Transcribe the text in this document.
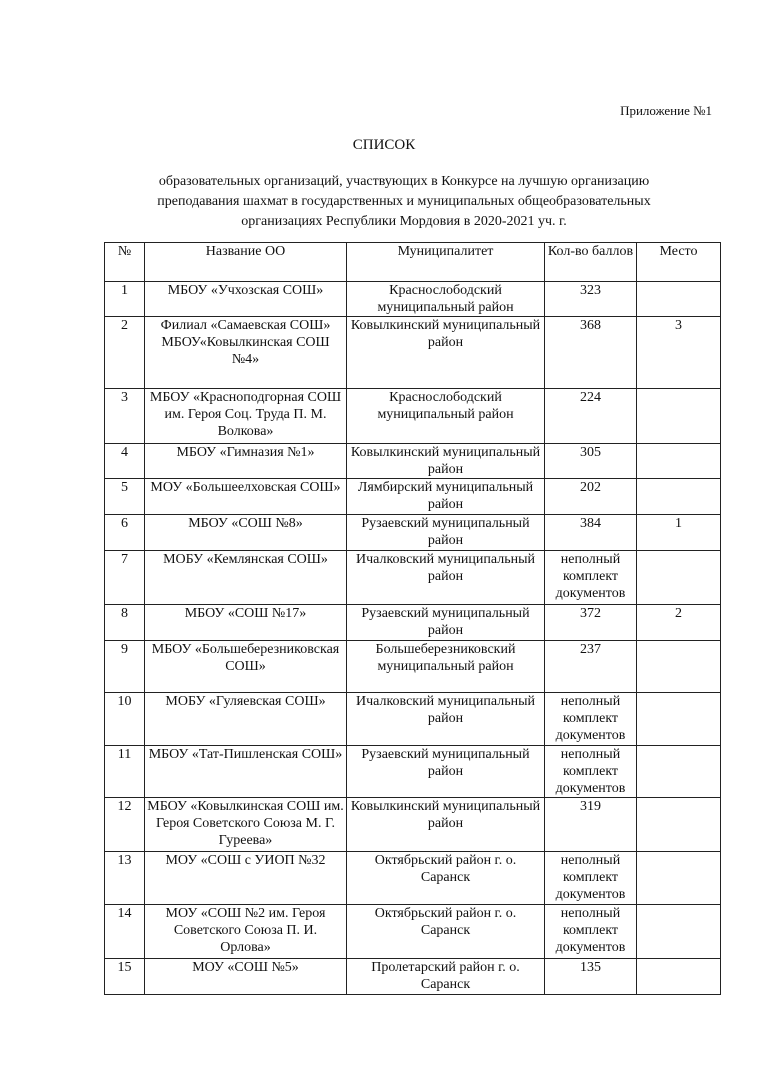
Приложение №1
СПИСОК
образовательных организаций, участвующих в Конкурсе на лучшую организацию преподавания шахмат в государственных и муниципальных общеобразовательных организациях Республики Мордовия в 2020-2021 уч. г.
№	Название ОО	Муниципалитет	Кол-во баллов	Место
1	МБОУ «Учхозская СОШ»	Краснослободский муниципальный район	323	
2	Филиал «Самаевская СОШ» МБОУ«Ковылкинская СОШ №4»	Ковылкинский муниципальный район	368	3
3	МБОУ «Краснoподгорная СОШ им. Героя Соц. Труда П. М. Волкова»	Краснослободский муниципальный район	224	
4	МБОУ «Гимназия №1»	Ковылкинский муниципальный район	305	
5	МОУ «Большеелховская СОШ»	Лямбирский муниципальный район	202	
6	МБОУ «СОШ №8»	Рузаевский муниципальный район	384	1
7	МОБУ «Кемлянская СОШ»	Ичалковский муниципальный район	неполный комплект документов	
8	МБОУ «СОШ №17»	Рузаевский муниципальный район	372	2
9	МБОУ «Большеберезниковская СОШ»	Большеберезниковский муниципальный район	237	
10	МОБУ «Гуляевская СОШ»	Ичалковский муниципальный район	неполный комплект документов	
11	МБОУ «Тат-Пишленская СОШ»	Рузаевский муниципальный район	неполный комплект документов	
12	МБОУ «Ковылкинская СОШ им. Героя Советского Союза М. Г. Гуреева»	Ковылкинский муниципальный район	319	
13	МОУ «СОШ с УИОП №32	Октябрьский район г. о. Саранск	неполный комплект документов	
14	МОУ «СОШ №2 им. Героя Советского Союза П. И. Орлова»	Октябрьский район г. о. Саранск	неполный комплект документов	
15	МОУ «СОШ №5»	Пролетарский район г. о. Саранск	135	
